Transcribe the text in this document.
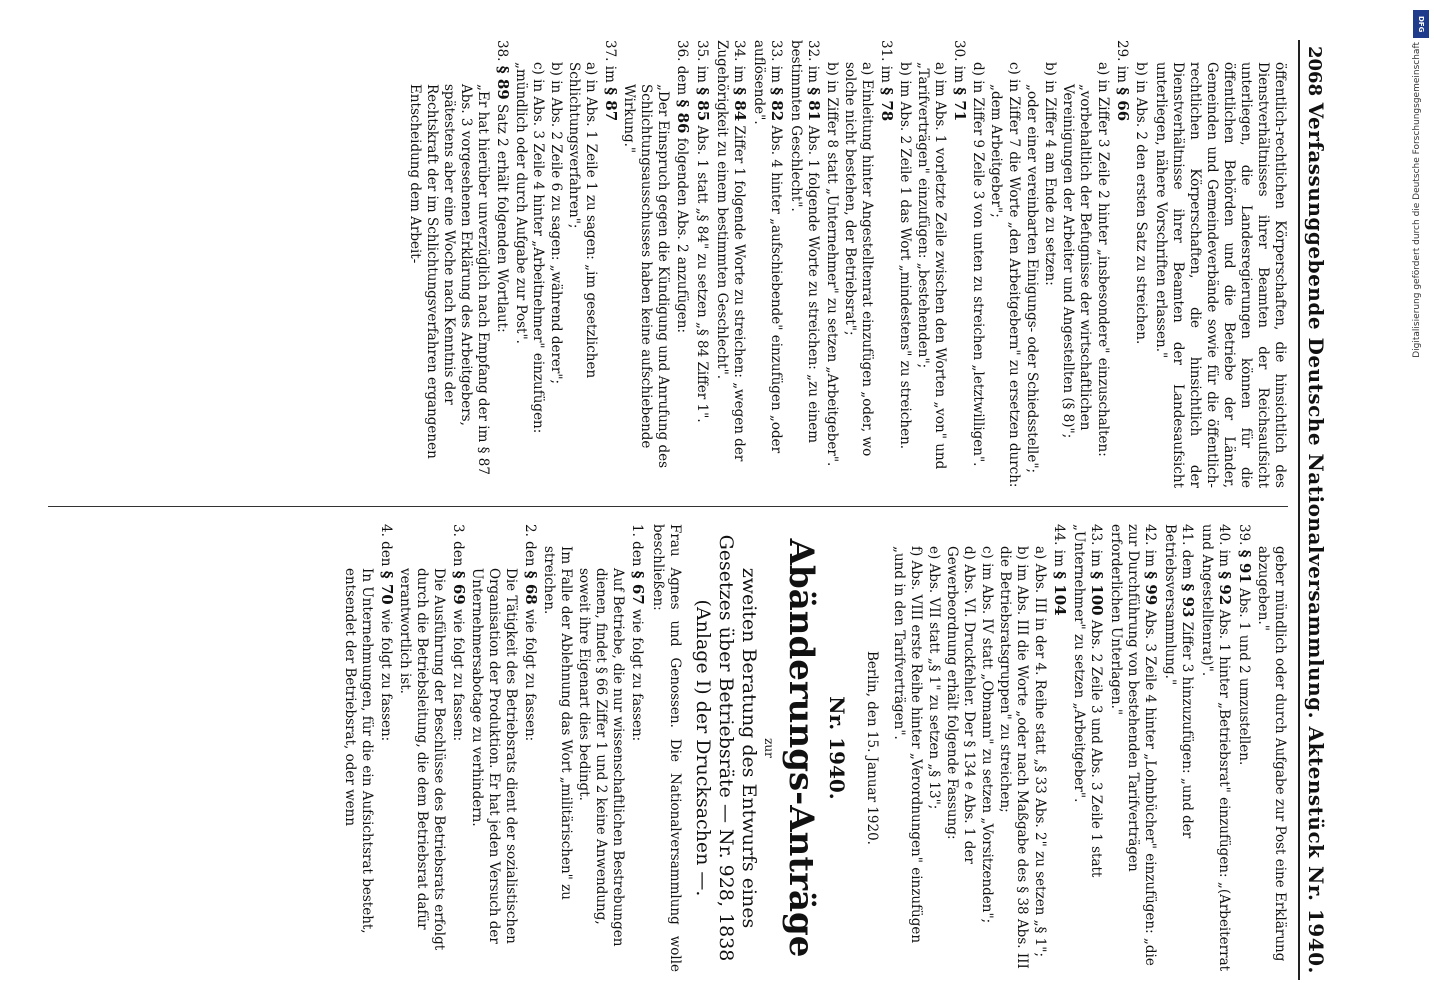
DFG
Digitalisierung gefördert durch die Deutsche Forschungsgemeinschaft
2068
Verfassunggebende Deutsche Nationalversammlung. Aktenstück Nr. 1940.

öffentlich-rechtlichen Körperschaften, die hinsichtlich des Dienstverhältnisses ihrer Beamten der Reichsaufsicht unterliegen, die Landesregierungen können für die öffentlichen Behörden und die Betriebe der Länder, Gemeinden und Gemeindeverbände sowie für die öffentlich-rechtlichen Körperschaften, die hinsichtlich der Dienstverhältnisse ihrer Beamten der Landesaufsicht unterliegen, nähere Vorschriften erlassen."

b) in Abs. 2 den ersten Satz zu streichen.

29. im § 66

a) in Ziffer 3 Zeile 2 hinter „insbesondere" einzuschalten:

„vorbehaltlich der Befugnisse der wirtschaftlichen Vereinigungen der Arbeiter und Angestellten (§ 8)";

b) in Ziffer 4 am Ende zu setzen:

„oder einer vereinbarten Einigungs- oder Schiedsstelle";

c) in Ziffer 7 die Worte „den Arbeitgebern" zu ersetzen durch:

„dem Arbeitgeber";

d) in Ziffer 9 Zeile 3 von unten zu streichen „letztwilligen".

30. im § 71

a) im Abs. 1 vorletzte Zeile zwischen den Worten „von" und „Tarifverträgen" einzufügen: „bestehenden";

b) im Abs. 2 Zeile 1 das Wort „mindestens" zu streichen.

31. im § 78

a) Einleitung hinter Angestelltenrat einzufügen „oder, wo solche nicht bestehen, der Betriebsrat";

b) in Ziffer 8 statt „Unternehmer" zu setzen „Arbeitgeber".

32. im § 81 Abs. 1 folgende Worte zu streichen: „zu einem bestimmten Geschlecht".
33. im § 82 Abs. 4 hinter „aufschiebende" einzufügen „oder auflösende".
34. im § 84 Ziffer 1 folgende Worte zu streichen: „wegen der Zugehörigkeit zu einem bestimmten Geschlecht".
35. im § 85 Abs. 1 statt „§ 84" zu setzen „§ 84 Ziffer 1".
36. dem § 86 folgenden Abs. 2 anzufügen:

„Der Einspruch gegen die Kündigung und Anrufung des Schlichtungsausschusses haben keine aufschiebende Wirkung."

37. im § 87

a) in Abs. 1 Zeile 1 zu sagen: „im gesetzlichen Schlichtungsverfahren";

b) in Abs. 2 Zeile 6 zu sagen: „während derer";

c) in Abs. 3 Zeile 4 hinter „Arbeitnehmer" einzufügen: „mündlich oder durch Aufgabe zur Post".

38. § 89 Satz 2 erhält folgenden Wortlaut:

„Er hat hierüber unverzüglich nach Empfang der im § 87 Abs. 3 vorgesehenen Erklärung des Arbeitgebers, spätestens aber eine Woche nach Kenntnis der Rechtskraft der im Schlichtungsverfahren ergangenen Entscheidung dem Arbeit-

geber mündlich oder durch Aufgabe zur Post eine Erklärung abzugeben."

39. § 91 Abs. 1 und 2 umzustellen.
40. im § 92 Abs. 1 hinter „Betriebsrat" einzufügen: „(Arbeiterrat und Angestelltenrat)".
41. dem § 93 Ziffer 3 hinzuzufügen: „und der Betriebsversammlung."
42. im § 99 Abs. 3 Zeile 4 hinter „Lohnbücher" einzufügen: „die zur Durchführung von bestehenden Tarifverträgen erforderlichen Unterlagen."
43. im § 100 Abs. 2 Zeile 3 und Abs. 3 Zeile 1 statt „Unternehmer" zu setzen „Arbeitgeber".
44. im § 104

a) Abs. III in der 4. Reihe statt „§ 33 Abs. 2" zu setzen „§ 1";

b) im Abs. III die Worte „oder nach Maßgabe des § 38 Abs. III die Betriebsratsgruppen" zu streichen;

c) im Abs. IV statt „Obmann" zu setzen „Vorsitzenden";

d) Abs. VI. Druckfehler. Der § 134 e Abs. 1 der Gewerbeordnung erhält folgende Fassung:

e) Abs. VII statt „§ 1" zu setzen „§ 13";

f) Abs. VIII erste Reihe hinter „Verordnungen" einzufügen „und in den Tarifverträgen".

Berlin, den 15. Januar 1920.

Nr. 1940.
Abänderungs-Anträge
zur
zweiten Beratung des Entwurfs eines Gesetzes über Betriebsräte — Nr. 928, 1838 (Anlage I) der Drucksachen —.

Frau Agnes und Genossen. Die Nationalversammlung wolle beschließen:

1. den § 67 wie folgt zu fassen:

Auf Betriebe, die nur wissenschaftlichen Bestrebungen dienen, findet § 66 Ziffer 1 und 2 keine Anwendung, soweit ihre Eigenart dies bedingt.

Im Falle der Ablehnung das Wort „militärischen" zu streichen.

2. den § 68 wie folgt zu fassen:

Die Tätigkeit des Betriebsrats dient der sozialistischen Organisation der Produktion. Er hat jeden Versuch der Unternehmersabotage zu verhindern.

3. den § 69 wie folgt zu fassen:

Die Ausführung der Beschlüsse des Betriebsrats erfolgt durch die Betriebsleitung, die dem Betriebsrat dafür verantwortlich ist.

4. den § 70 wie folgt zu fassen:

In Unternehmungen, für die ein Aufsichtsrat besteht, entsendet der Betriebsrat, oder wenn
